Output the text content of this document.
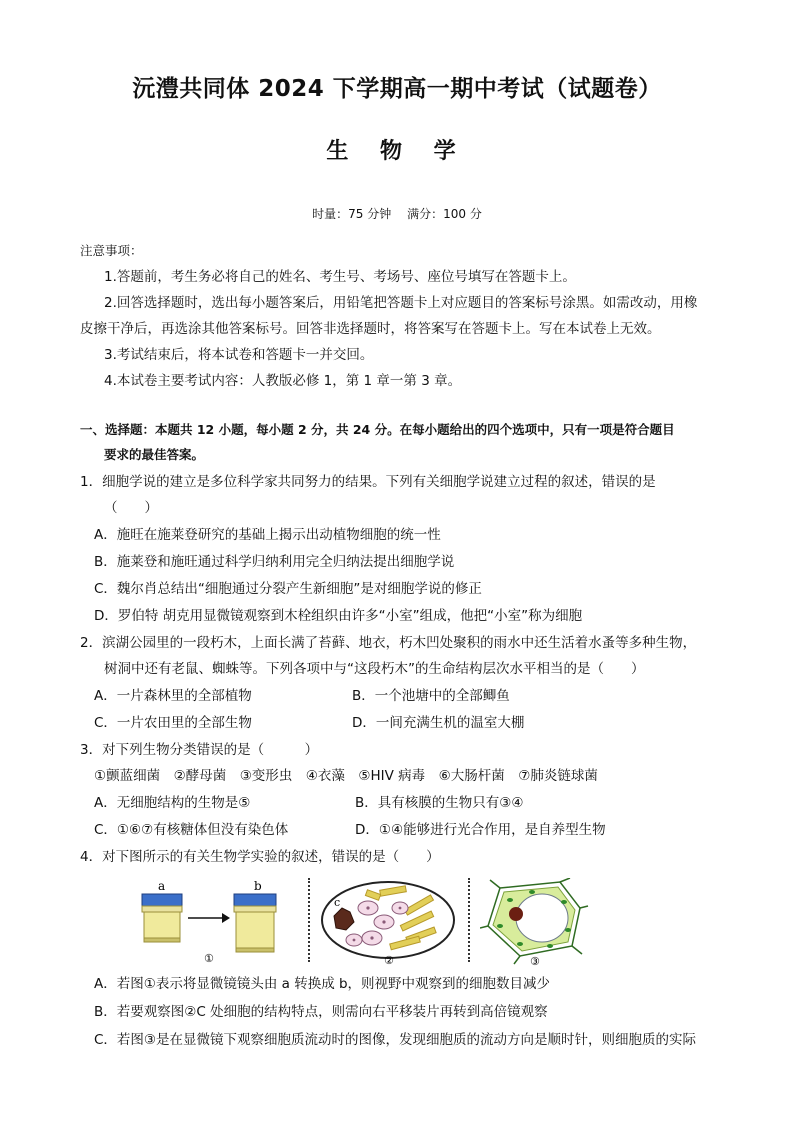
沅澧共同体 2024 下学期高一期中考试（试题卷）
生 物 学
时量：75 分钟 满分：100 分
注意事项：
1.答题前，考生务必将自己的姓名、考生号、考场号、座位号填写在答题卡上。
2.回答选择题时，选出每小题答案后，用铅笔把答题卡上对应题目的答案标号涂黑。如需改动，用橡
皮擦干净后，再选涂其他答案标号。回答非选择题时，将答案写在答题卡上。写在本试卷上无效。
3.考试结束后，将本试卷和答题卡一并交回。
4.本试卷主要考试内容：人教版必修 1，第 1 章一第 3 章。
一、选择题：本题共 12 小题，每小题 2 分，共 24 分。在每小题给出的四个选项中，只有一项是符合题目
要求的最佳答案。
1．细胞学说的建立是多位科学家共同努力的结果。下列有关细胞学说建立过程的叙述，错误的是
（　　）
A．施旺在施莱登研究的基础上揭示出动植物细胞的统一性
B．施莱登和施旺通过科学归纳利用完全归纳法提出细胞学说
C．魏尔肖总结出“细胞通过分裂产生新细胞”是对细胞学说的修正
D．罗伯特 胡克用显微镜观察到木栓组织由许多“小室”组成，他把“小室”称为细胞
2．滨湖公园里的一段朽木，上面长满了苔藓、地衣，朽木凹处聚积的雨水中还生活着水蚤等多种生物，
树洞中还有老鼠、蜘蛛等。下列各项中与“这段朽木”的生命结构层次水平相当的是（　　）
A．一片森林里的全部植物	B．一个池塘中的全部鲫鱼
C．一片农田里的全部生物	D．一间充满生机的温室大棚
3．对下列生物分类错误的是（　　　）
①颤蓝细菌　②酵母菌　③变形虫　④衣藻　⑤HIV 病毒　⑥大肠杆菌　⑦肺炎链球菌
A．无细胞结构的生物是⑤	B．具有核膜的生物只有③④
C．①⑥⑦有核糖体但没有染色体	D．①④能够进行光合作用，是自养型生物
4．对下图所示的有关生物学实验的叙述，错误的是（　　）
a	b
①
c
②	③
A．若图①表示将显微镜镜头由 a 转换成 b，则视野中观察到的细胞数目减少
B．若要观察图②C 处细胞的结构特点，则需向右平移装片再转到高倍镜观察
C．若图③是在显微镜下观察细胞质流动时的图像，发现细胞质的流动方向是顺时针，则细胞质的实际
